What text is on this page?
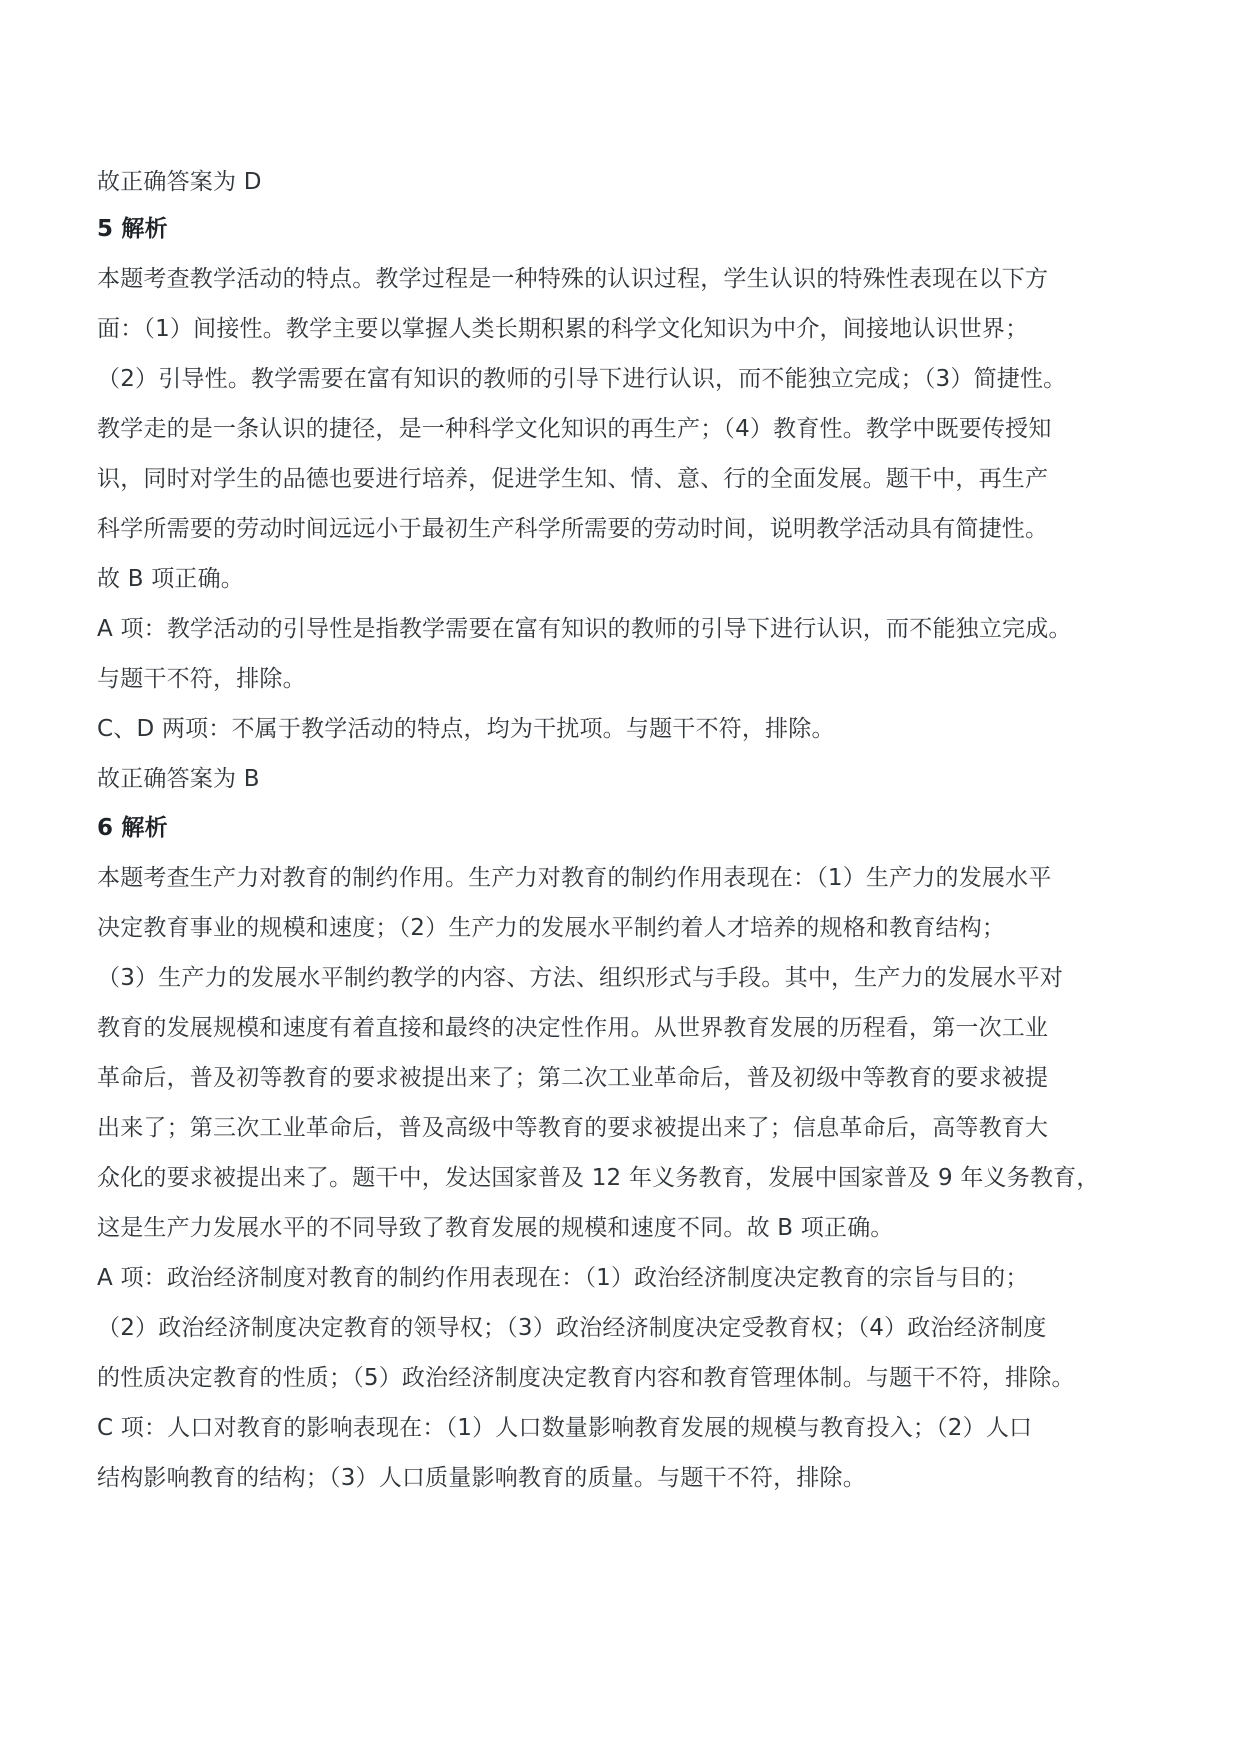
故正确答案为 D
5 解析
本题考查教学活动的特点。教学过程是一种特殊的认识过程，学生认识的特殊性表现在以下方
面：（1）间接性。教学主要以掌握人类长期积累的科学文化知识为中介，间接地认识世界；
（2）引导性。教学需要在富有知识的教师的引导下进行认识，而不能独立完成；（3）简捷性。
教学走的是一条认识的捷径，是一种科学文化知识的再生产；（4）教育性。教学中既要传授知
识，同时对学生的品德也要进行培养，促进学生知、情、意、行的全面发展。题干中，再生产
科学所需要的劳动时间远远小于最初生产科学所需要的劳动时间，说明教学活动具有简捷性。
故 B 项正确。
A 项：教学活动的引导性是指教学需要在富有知识的教师的引导下进行认识，而不能独立完成。
与题干不符，排除。
C、D 两项：不属于教学活动的特点，均为干扰项。与题干不符，排除。
故正确答案为 B
6 解析
本题考查生产力对教育的制约作用。生产力对教育的制约作用表现在：（1）生产力的发展水平
决定教育事业的规模和速度；（2）生产力的发展水平制约着人才培养的规格和教育结构；
（3）生产力的发展水平制约教学的内容、方法、组织形式与手段。其中，生产力的发展水平对
教育的发展规模和速度有着直接和最终的决定性作用。从世界教育发展的历程看，第一次工业
革命后，普及初等教育的要求被提出来了；第二次工业革命后，普及初级中等教育的要求被提
出来了；第三次工业革命后，普及高级中等教育的要求被提出来了；信息革命后，高等教育大
众化的要求被提出来了。题干中，发达国家普及 12 年义务教育，发展中国家普及 9 年义务教育，
这是生产力发展水平的不同导致了教育发展的规模和速度不同。故 B 项正确。
A 项：政治经济制度对教育的制约作用表现在：（1）政治经济制度决定教育的宗旨与目的；
（2）政治经济制度决定教育的领导权；（3）政治经济制度决定受教育权；（4）政治经济制度
的性质决定教育的性质；（5）政治经济制度决定教育内容和教育管理体制。与题干不符，排除。
C 项：人口对教育的影响表现在：（1）人口数量影响教育发展的规模与教育投入；（2）人口
结构影响教育的结构；（3）人口质量影响教育的质量。与题干不符，排除。
